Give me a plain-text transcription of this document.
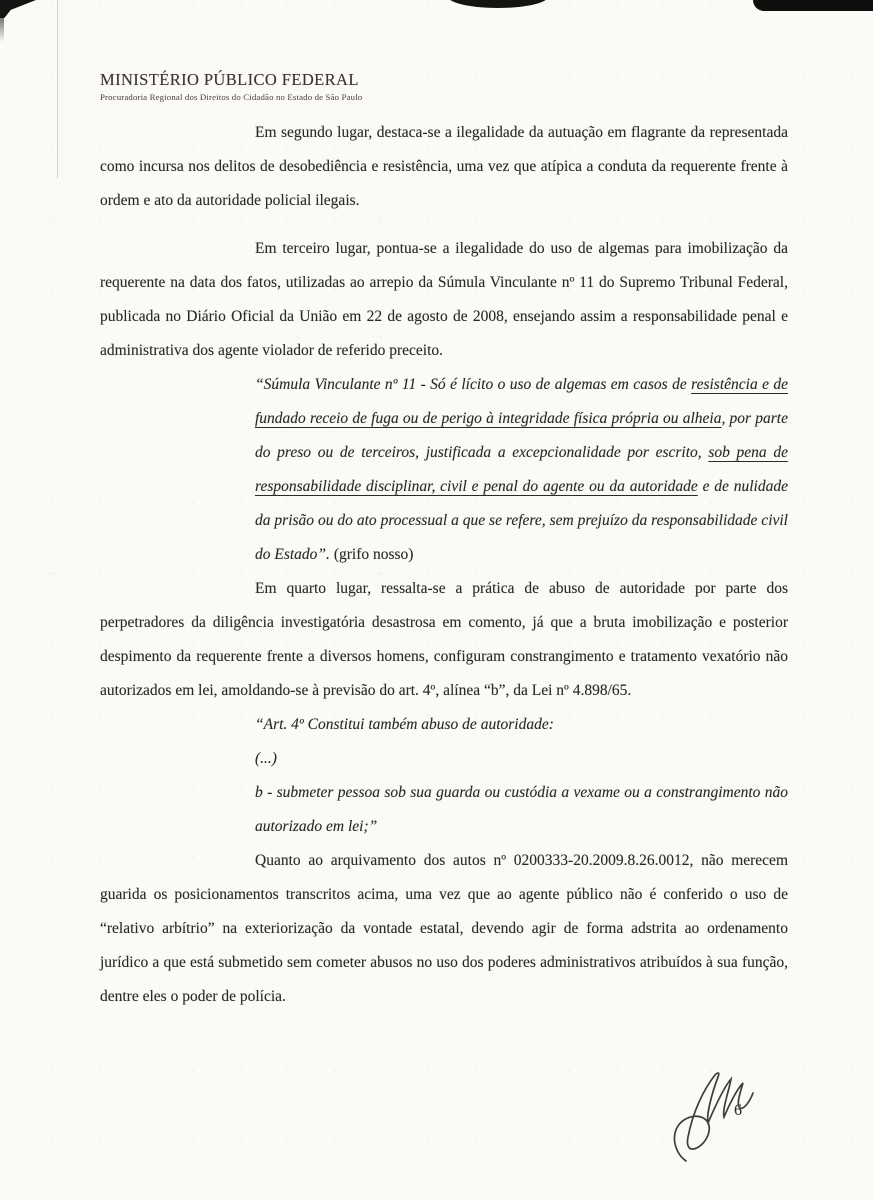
MINISTÉRIO PÚBLICO FEDERAL
Procuradoria Regional dos Direitos do Cidadão no Estado de São Paulo

Em segundo lugar, destaca-se a ilegalidade da autuação em flagrante da representada como incursa nos delitos de desobediência e resistência, uma vez que atípica a conduta da requerente frente à ordem e ato da autoridade policial ilegais.

Em terceiro lugar, pontua-se a ilegalidade do uso de algemas para imobilização da requerente na data dos fatos, utilizadas ao arrepio da Súmula Vinculante nº 11 do Supremo Tribunal Federal, publicada no Diário Oficial da União em 22 de agosto de 2008, ensejando assim a responsabilidade penal e administrativa dos agente violador de referido preceito.

“Súmula Vinculante nº 11 - Só é lícito o uso de algemas em casos de resistência e de fundado receio de fuga ou de perigo à integridade física própria ou alheia, por parte do preso ou de terceiros, justificada a excepcionalidade por escrito, sob pena de responsabilidade disciplinar, civil e penal do agente ou da autoridade e de nulidade da prisão ou do ato processual a que se refere, sem prejuízo da responsabilidade civil do Estado”. (grifo nosso)

Em quarto lugar, ressalta-se a prática de abuso de autoridade por parte dos perpetradores da diligência investigatória desastrosa em comento, já que a bruta imobilização e posterior despimento da requerente frente a diversos homens, configuram constrangimento e tratamento vexatório não autorizados em lei, amoldando-se à previsão do art. 4º, alínea “b”, da Lei nº 4.898/65.

“Art. 4º Constitui também abuso de autoridade:
(...)
b - submeter pessoa sob sua guarda ou custódia a vexame ou a constrangimento não autorizado em lei;”

Quanto ao arquivamento dos autos nº 0200333-20.2009.8.26.0012, não merecem guarida os posicionamentos transcritos acima, uma vez que ao agente público não é conferido o uso de “relativo arbítrio” na exteriorização da vontade estatal, devendo agir de forma adstrita ao ordenamento jurídico a que está submetido sem cometer abusos no uso dos poderes administrativos atribuídos à sua função, dentre eles o poder de polícia.

6
